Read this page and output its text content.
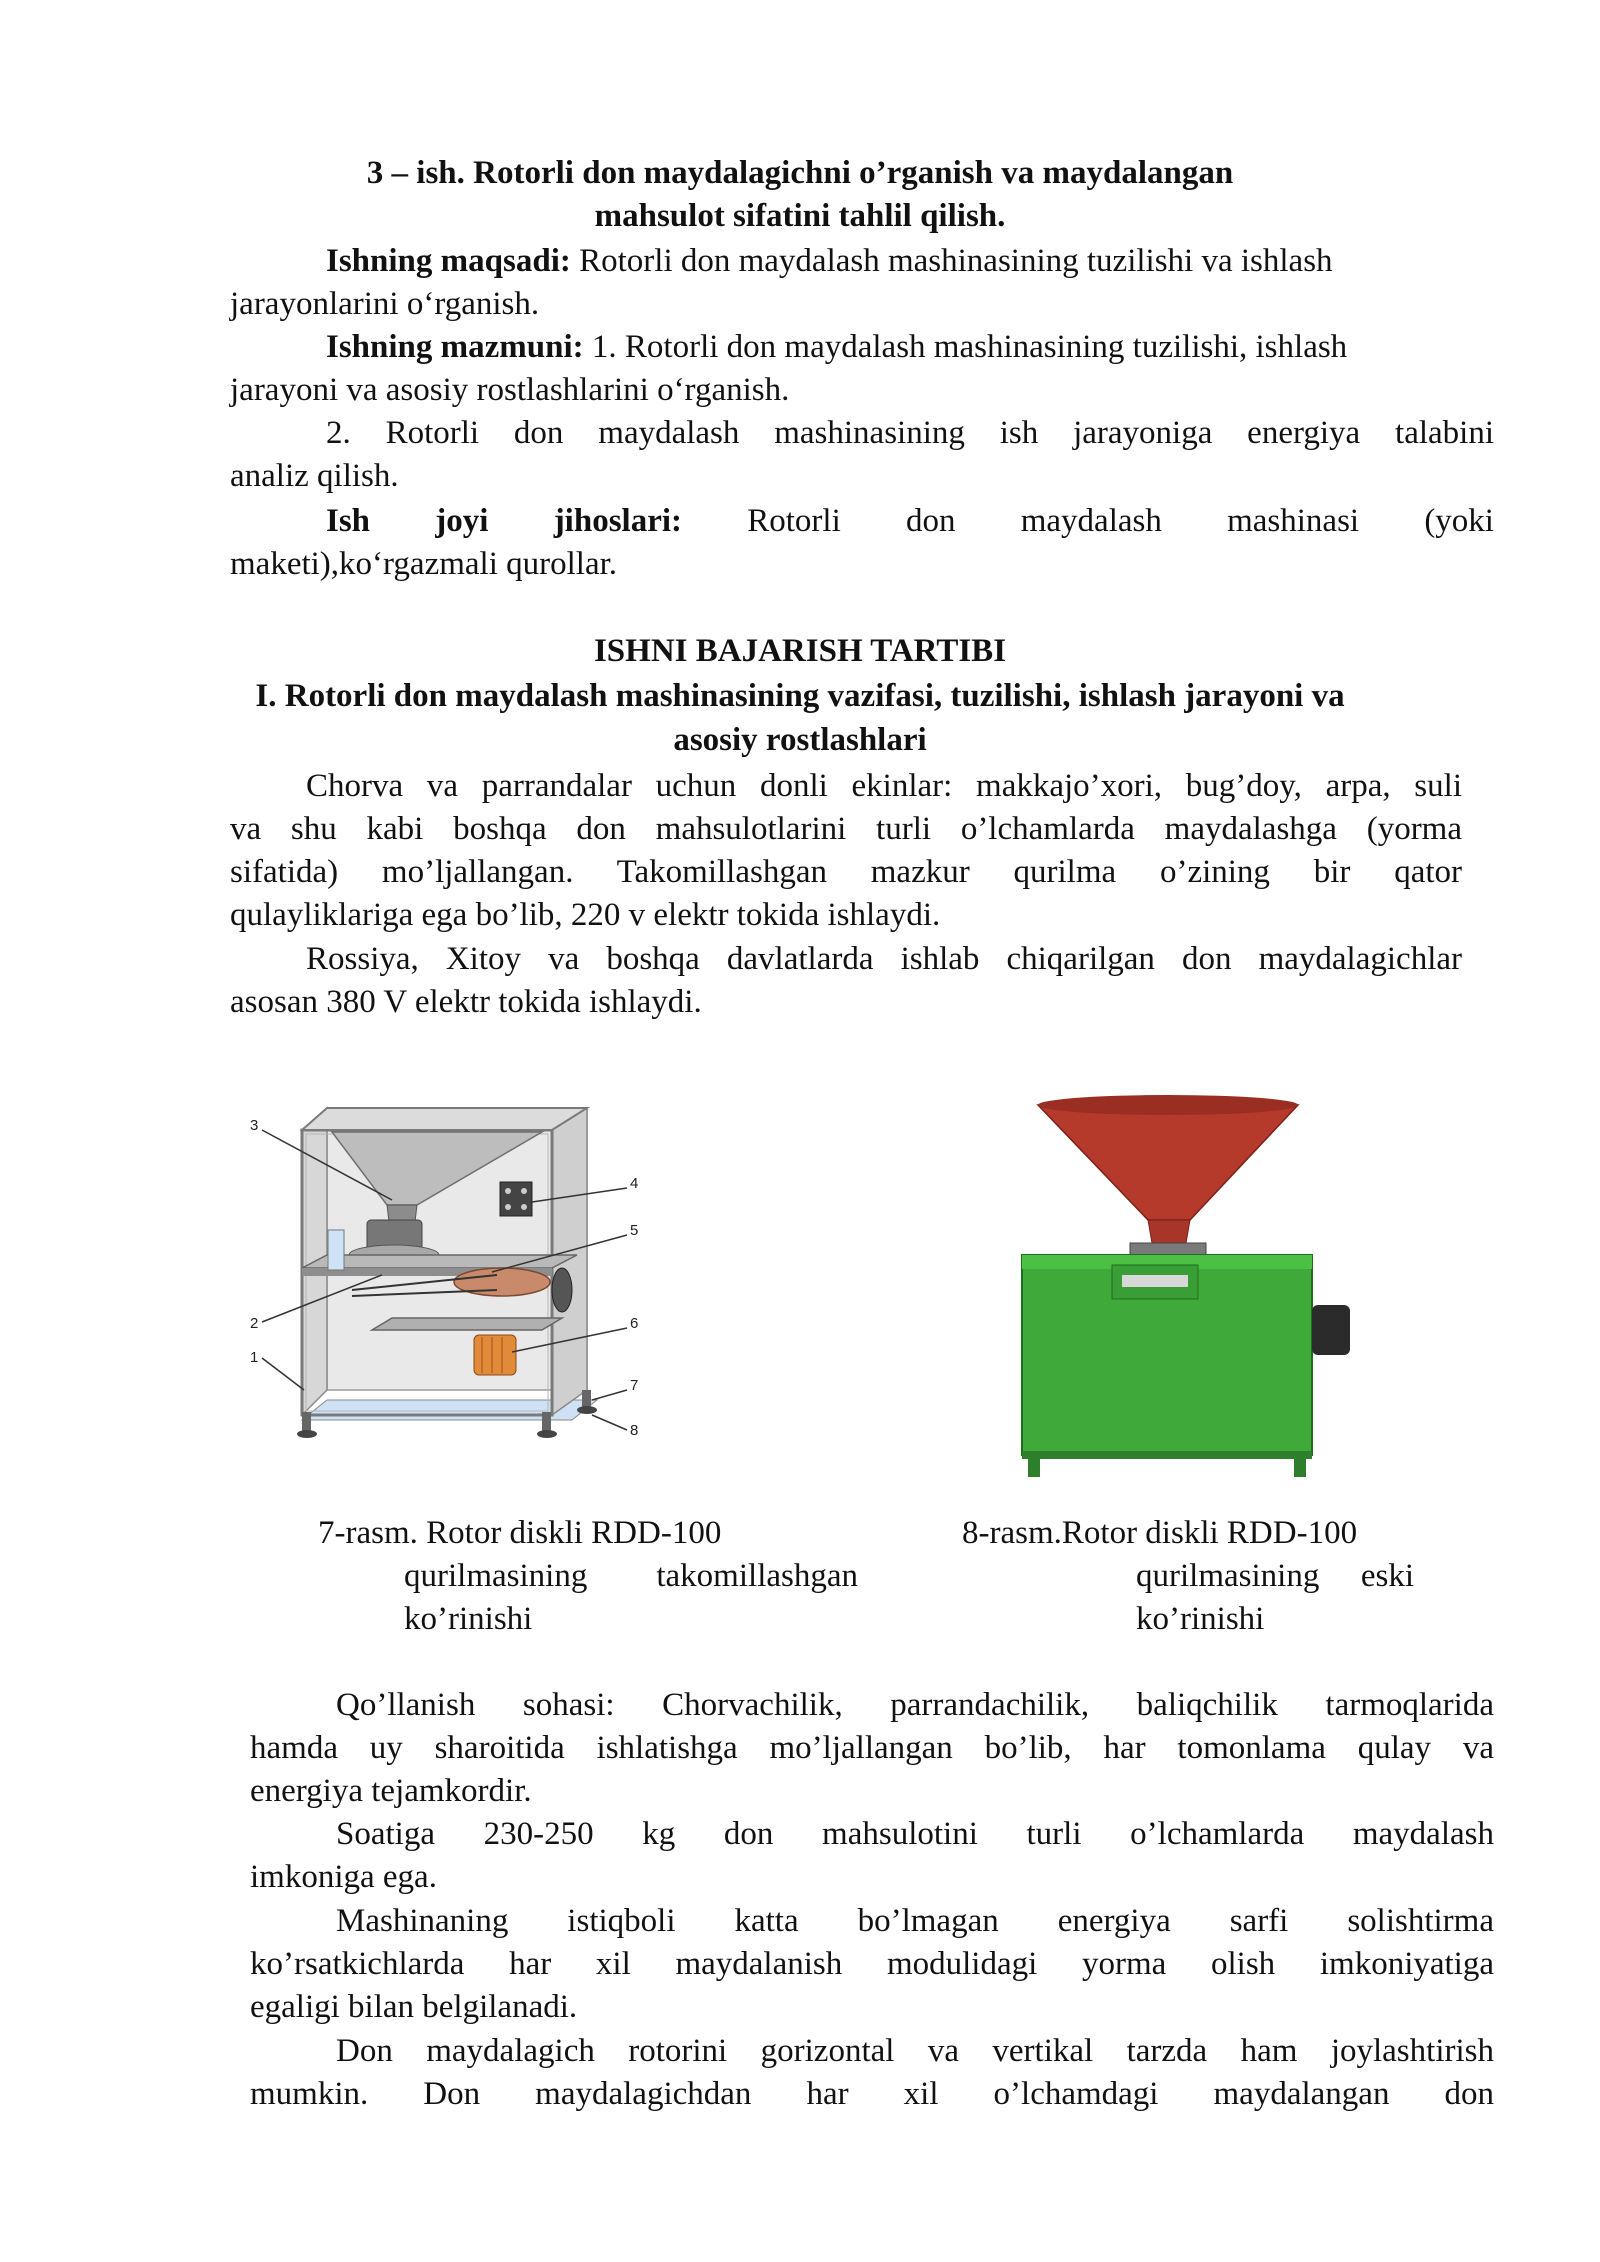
3 – ish. Rotorli don maydalagichni o’rganish va maydalangan
mahsulot sifatini tahlil qilish.
Ishning maqsadi: Rotorli don maydalash mashinasining tuzilishi va ishlash
jarayonlarini o‘rganish.
Ishning mazmuni: 1. Rotorli don maydalash mashinasining tuzilishi, ishlash
jarayoni va asosiy rostlashlarini o‘rganish.
2. Rotorli don maydalash mashinasining ish jarayoniga energiya talabini
analiz qilish.
Ish joyi jihoslari: Rotorli don maydalash mashinasi (yoki
maketi),ko‘rgazmali qurollar.
ISHNI BAJARISH TARTIBI
I. Rotorli don maydalash mashinasining vazifasi, tuzilishi, ishlash jarayoni va
asosiy rostlashlari
Chorva va parrandalar uchun donli ekinlar: makkajo’xori, bug’doy, arpa, suli
va shu kabi boshqa don mahsulotlarini turli o’lchamlarda maydalashga (yorma
sifatida) mo’ljallangan. Takomillashgan mazkur qurilma o’zining bir qator
qulayliklariga ega bo’lib, 220 v elektr tokida ishlaydi.
Rossiya, Xitoy va boshqa davlatlarda ishlab chiqarilgan don maydalagichlar
asosan 380 V elektr tokida ishlaydi.
3
4
5
2	6
1
7
8
7-rasm. Rotor diskli RDD-100
qurilmasining takomillashgan
ko’rinishi
8-rasm.Rotor diskli RDD-100
qurilmasining eski
ko’rinishi
Qo’llanish sohasi: Chorvachilik, parrandachilik, baliqchilik tarmoqlarida
hamda uy sharoitida ishlatishga mo’ljallangan bo’lib, har tomonlama qulay va
energiya tejamkordir.
Soatiga 230-250 kg don mahsulotini turli o’lchamlarda maydalash
imkoniga ega.
Mashinaning istiqboli katta bo’lmagan energiya sarfi solishtirma
ko’rsatkichlarda har xil maydalanish modulidagi yorma olish imkoniyatiga
egaligi bilan belgilanadi.
Don maydalagich rotorini gorizontal va vertikal tarzda ham joylashtirish
mumkin. Don maydalagichdan har xil o’lchamdagi maydalangan don
